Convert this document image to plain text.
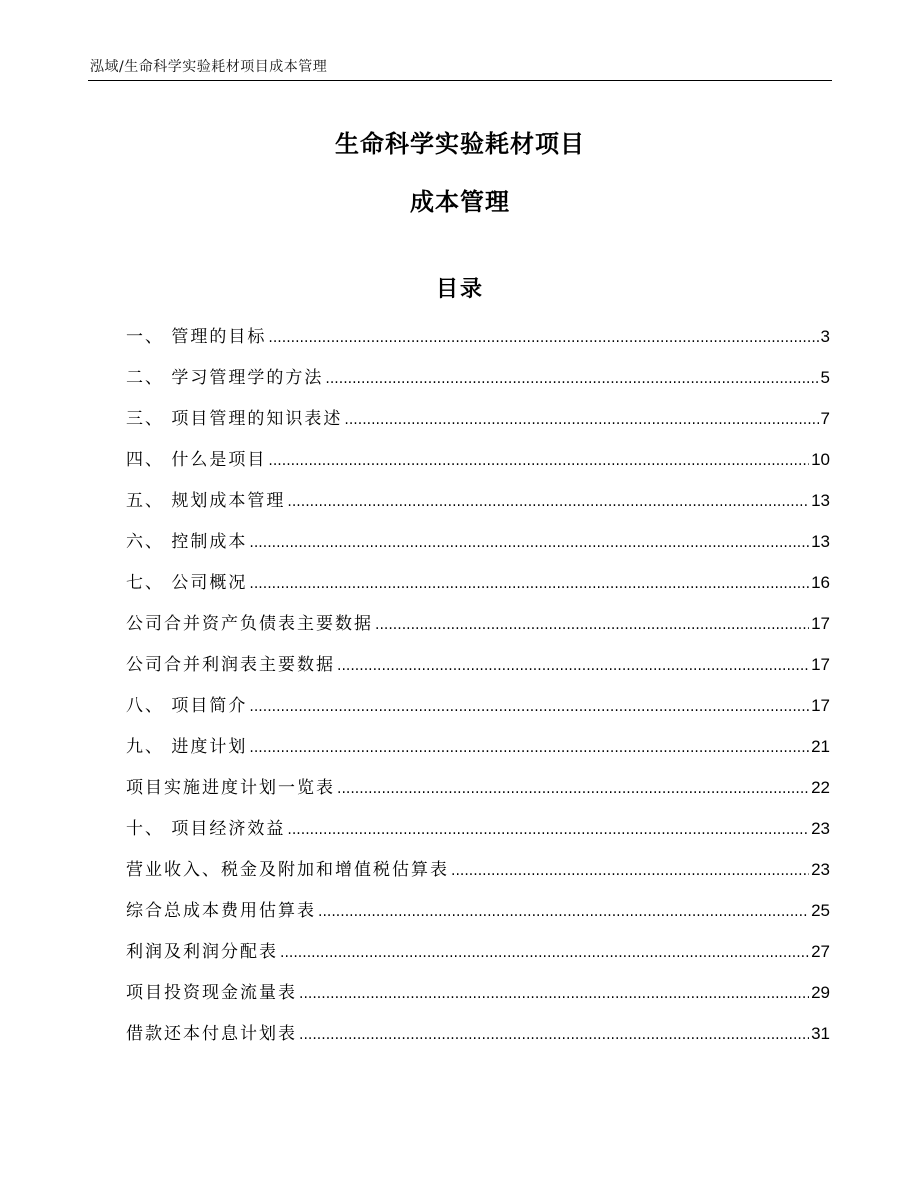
泓域/生命科学实验耗材项目成本管理
生命科学实验耗材项目
成本管理
目录
一、 管理的目标 .....	3
二、 学习管理学的方法 .....	5
三、 项目管理的知识表述 .....	7
四、 什么是项目 .....	10
五、 规划成本管理 .....	13
六、 控制成本 .....	13
七、 公司概况 .....	16
公司合并资产负债表主要数据 .....	17
公司合并利润表主要数据 .....	17
八、 项目简介 .....	17
九、 进度计划 .....	21
项目实施进度计划一览表 .....	22
十、 项目经济效益 .....	23
营业收入、税金及附加和增值税估算表 .....	23
综合总成本费用估算表 .....	25
利润及利润分配表 .....	27
项目投资现金流量表 .....	29
借款还本付息计划表 .....	31
